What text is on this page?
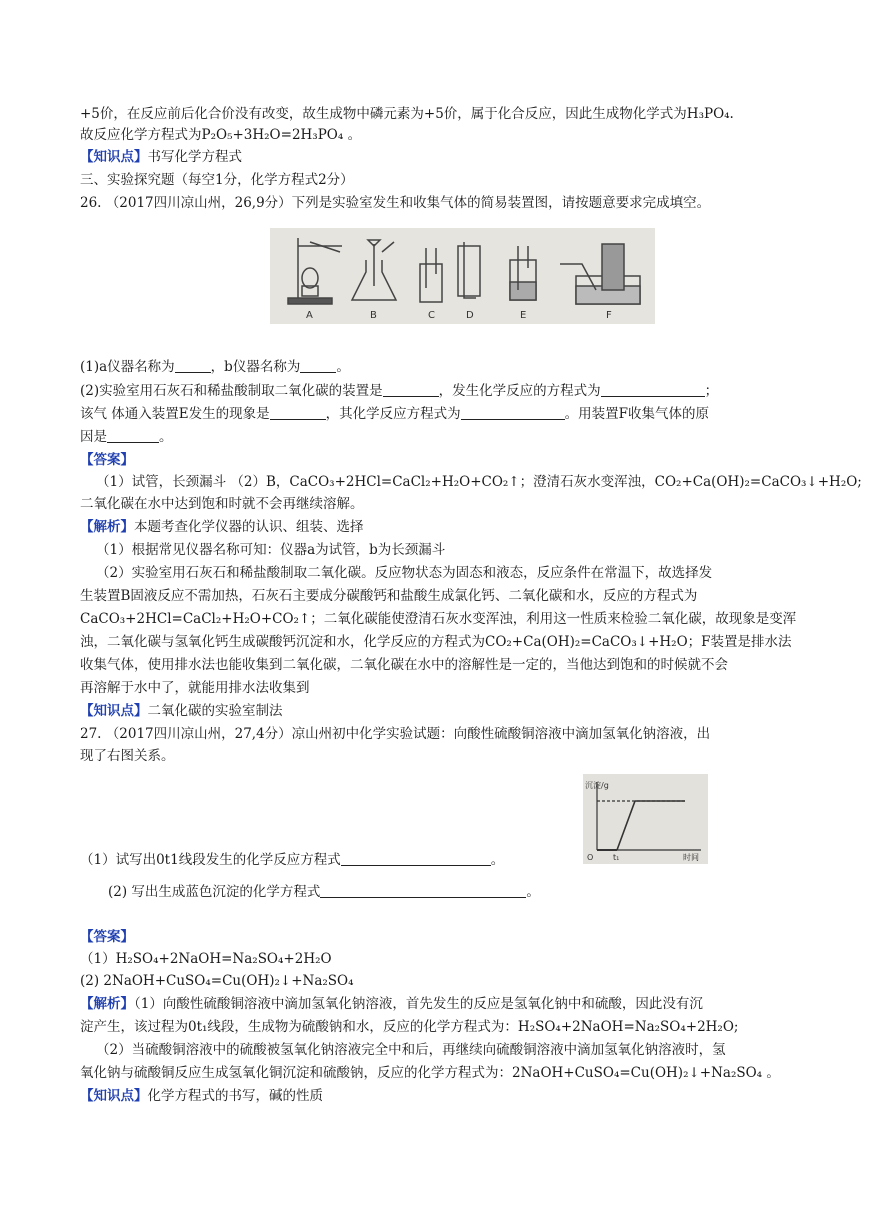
+5价，在反应前后化合价没有改变，故生成物中磷元素为+5价，属于化合反应，因此生成物化学式为H₃PO₄.
故反应化学方程式为P₂O₅+3H₂O=2H₃PO₄ 。
【知识点】书写化学方程式
三、实验探究题（每空1分，化学方程式2分）
26. （2017四川凉山州，26,9分）下列是实验室发生和收集气体的简易装置图，请按题意要求完成填空。
A	B	C	D	E	F
(1)a仪器名称为	，b仪器名称为	。
(2)实验室用石灰石和稀盐酸制取二氧化碳的装置是	，发生化学反应的方程式为	；
该气 体通入装置E发生的现象是	，其化学反应方程式为	。用装置F收集气体的原
因是	。
【答案】
（1）试管，长颈漏斗 （2）B，CaCO₃+2HCl=CaCl₂+H₂O+CO₂↑；澄清石灰水变浑浊，CO₂+Ca(OH)₂=CaCO₃↓+H₂O;
二氧化碳在水中达到饱和时就不会再继续溶解。
【解析】本题考查化学仪器的认识、组装、选择
（1）根据常见仪器名称可知：仪器a为试管，b为长颈漏斗
（2）实验室用石灰石和稀盐酸制取二氧化碳。反应物状态为固态和液态，反应条件在常温下，故选择发
生装置B固液反应不需加热，石灰石主要成分碳酸钙和盐酸生成氯化钙、二氧化碳和水，反应的方程式为
CaCO₃+2HCl=CaCl₂+H₂O+CO₂↑；二氧化碳能使澄清石灰水变浑浊，利用这一性质来检验二氧化碳，故现象是变浑
浊，二氧化碳与氢氧化钙生成碳酸钙沉淀和水，化学反应的方程式为CO₂+Ca(OH)₂=CaCO₃↓+H₂O；F装置是排水法
收集气体，使用排水法也能收集到二氧化碳，二氧化碳在水中的溶解性是一定的，当他达到饱和的时候就不会
再溶解于水中了，就能用排水法收集到
【知识点】二氧化碳的实验室制法
27. （2017四川凉山州，27,4分）凉山州初中化学实验试题：向酸性硫酸铜溶液中滴加氢氧化钠溶液，出
现了右图关系。
沉淀/g
O t₁	时间
（1）试写出0t1线段发生的化学反应方程式	。
(2) 写出生成蓝色沉淀的化学方程式	。
【答案】
（1）H₂SO₄+2NaOH=Na₂SO₄+2H₂O
(2) 2NaOH+CuSO₄=Cu(OH)₂↓+Na₂SO₄
【解析】（1）向酸性硫酸铜溶液中滴加氢氧化钠溶液，首先发生的反应是氢氧化钠中和硫酸，因此没有沉
淀产生，该过程为0t₁线段，生成物为硫酸钠和水，反应的化学方程式为：H₂SO₄+2NaOH=Na₂SO₄+2H₂O;
（2）当硫酸铜溶液中的硫酸被氢氧化钠溶液完全中和后，再继续向硫酸铜溶液中滴加氢氧化钠溶液时，氢
氧化钠与硫酸铜反应生成氢氧化铜沉淀和硫酸钠，反应的化学方程式为：2NaOH+CuSO₄=Cu(OH)₂↓+Na₂SO₄ 。
【知识点】化学方程式的书写，碱的性质
